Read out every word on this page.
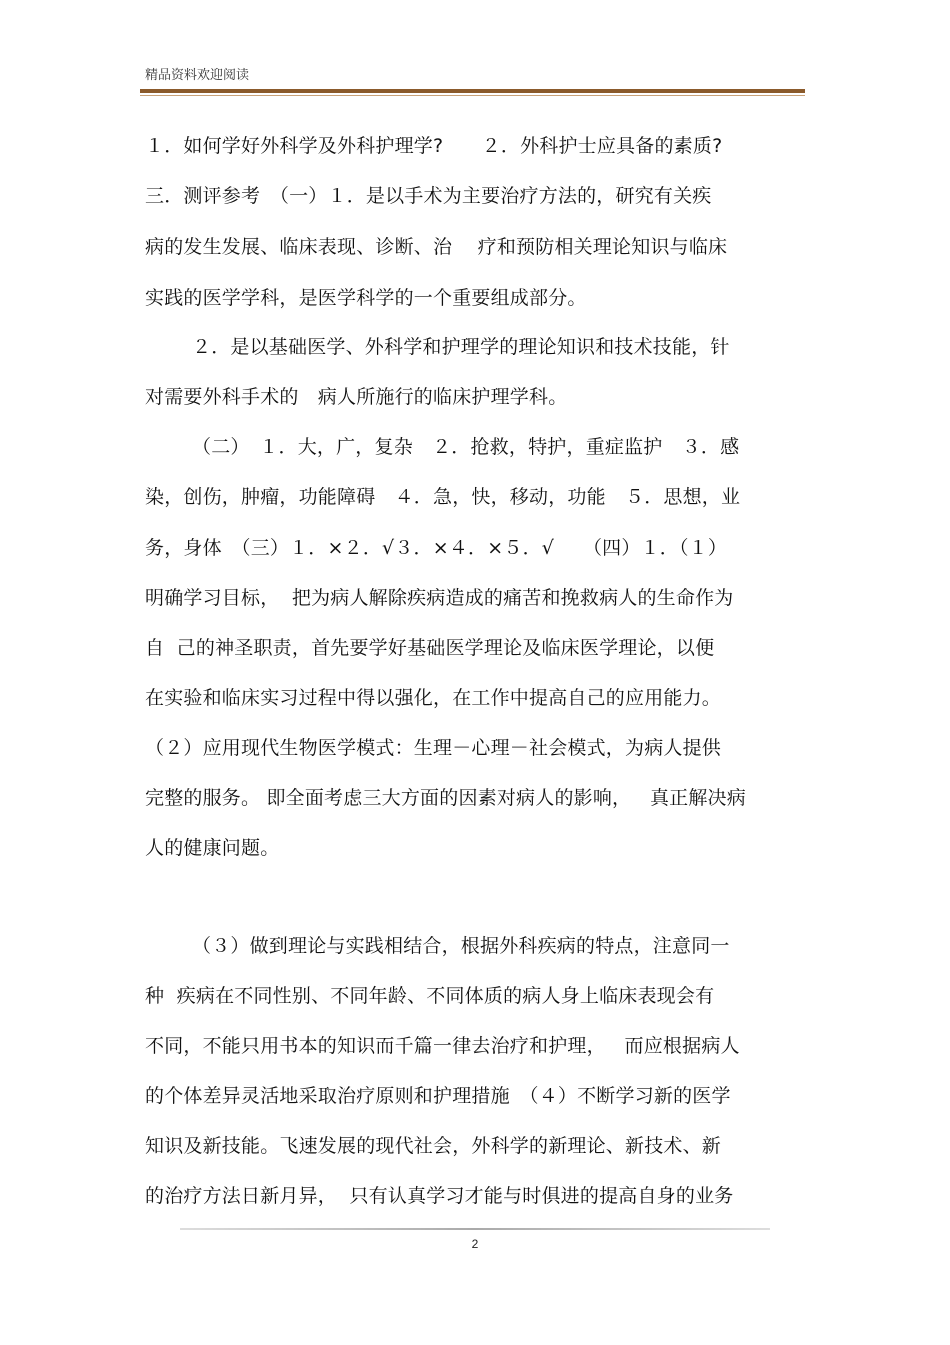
精品资料欢迎阅读
１．如何学好外科学及外科护理学?　　２．外科护士应具备的素质?
三．测评参考　（一）１．是以手术为主要治疗方法的，研究有关疾
病的发生发展、临床表现、诊断、治　 疗和预防相关理论知识与临床
实践的医学学科，是医学科学的一个重要组成部分。
２．是以基础医学、外科学和护理学的理论知识和技术技能，针
对需要外科手术的　病人所施行的临床护理学科。
（二）　１．大，广，复杂　２．抢救，特护，重症监护　３．感
染，创伤，肿瘤，功能障碍　４．急，快，移动，功能　５．思想，业
务，身体　（三）１．×２．√３．×４．×５．√　　（四）１．（１）
明确学习目标，  把为病人解除疾病造成的痛苦和挽救病人的生命作为
自  己的神圣职责，首先要学好基础医学理论及临床医学理论，以便
在实验和临床实习过程中得以强化，在工作中提高自己的应用能力。
（２）应用现代生物医学模式：生理－心理－社会模式，为病人提供
完整的服务。 即全面考虑三大方面的因素对病人的影响，   真正解决病
人的健康问题。
（３）做到理论与实践相结合，根据外科疾病的特点，注意同一
种  疾病在不同性别、不同年龄、不同体质的病人身上临床表现会有
不同，不能只用书本的知识而千篇一律去治疗和护理，   而应根据病人
的个体差异灵活地采取治疗原则和护理措施　（４）不断学习新的医学
知识及新技能。飞速发展的现代社会，外科学的新理论、新技术、新
的治疗方法日新月异，  只有认真学习才能与时俱进的提高自身的业务
2
